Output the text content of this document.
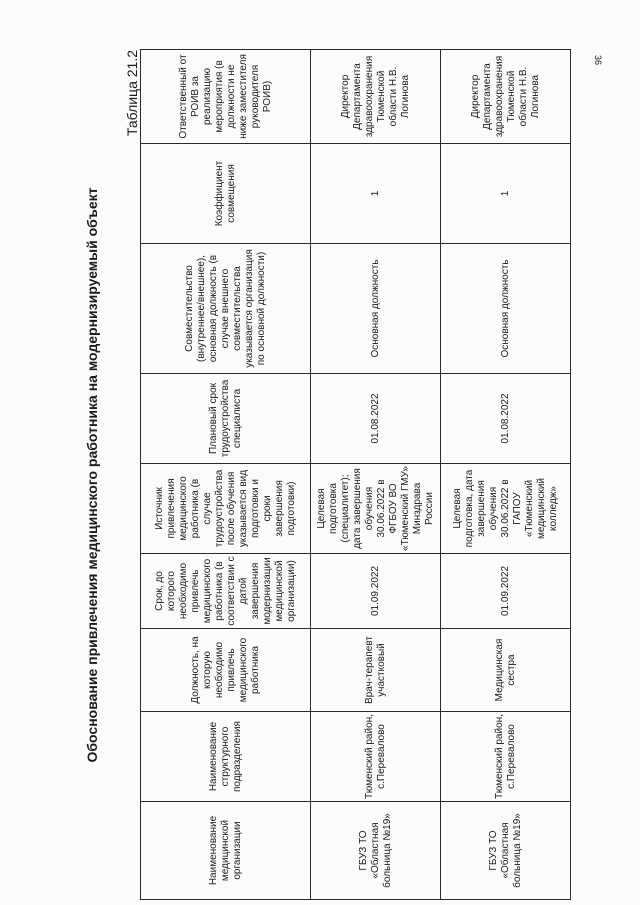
36
Обоснование привлечения медицинского работника на модернизируемый объект
Таблица 21.2
Наименование медицинской организации	Наименование структурного подразделения	Должность, на которую необходимо привлечь медицинского работника	Срок, до которого необходимо привлечь медицинского работника (в соответствии с датой завершения модернизации медицинской организации)	Источник привлечения медицинского работника (в случае трудоустройства после обучения указывается вид подготовки и сроки завершения подготовки)	Плановый срок трудоустройства специалиста	Совместительство (внутреннее/внешнее), основная должность (в случае внешнего совместительства указывается организация по основной должности)	Коэффициент совмещения	Ответственный от РОИВ за реализацию мероприятия (в должности не ниже заместителя руководителя РОИВ)
ГБУЗ ТО «Областная больница №19»	Тюменский район, с.Перевалово	Врач-терапевт участковый	01.09.2022	Целевая подготовка (специалитет); дата завершения обучения 30.06.2022 в ФГБОУ ВО «Тюменский ГМУ» Минздрава России	01.08.2022	Основная должность	1	Директор Департамента здравоохранения Тюменской области Н.В. Логинова
ГБУЗ ТО «Областная больница №19»	Тюменский район, с.Перевалово	Медицинская сестра	01.09.2022	Целевая подготовка, дата завершения обучения 30.06.2022 в ГАПОУ «Тюменский медицинский колледж»	01.08.2022	Основная должность	1	Директор Департамента здравоохранения Тюменской области Н.В. Логинова
